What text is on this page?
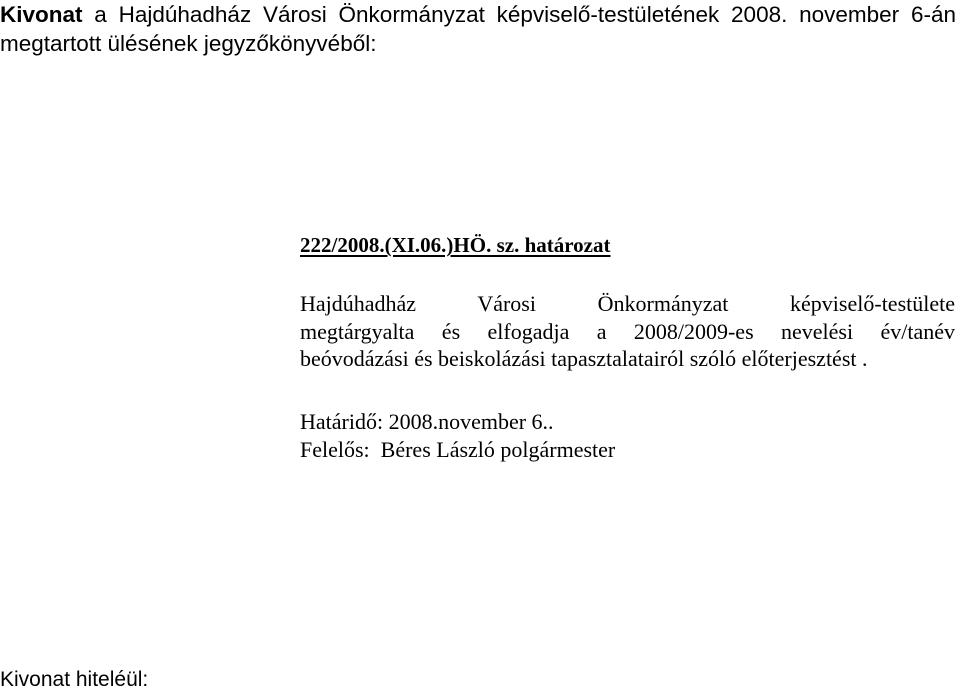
Kivonat a Hajdúhadház Városi Önkormányzat képviselő-testületének 2008. november 6-án
megtartott ülésének jegyzőkönyvéből:
222/2008.(XI.06.)HÖ. sz. határozat
Hajdúhadház Városi Önkormányzat képviselő-testülete
megtárgyalta és elfogadja a 2008/2009-es nevelési év/tanév
beóvodázási és beiskolázási tapasztalatairól szóló előterjesztést .
Határidő: 2008.november 6..
Felelős:  Béres László polgármester
Kivonat hiteléül:
